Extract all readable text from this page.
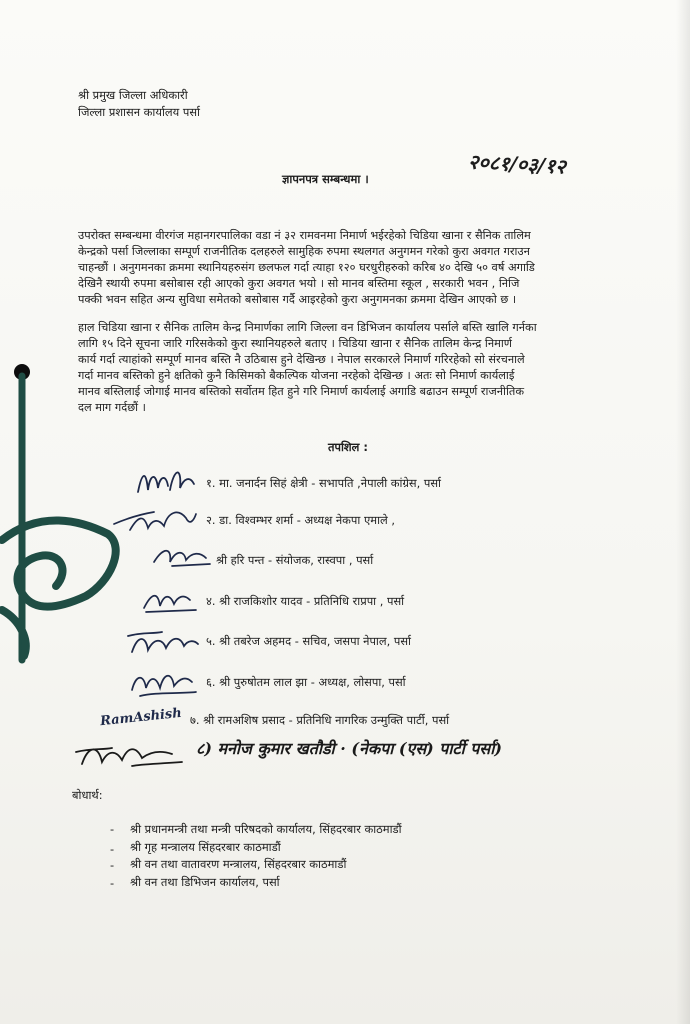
श्री प्रमुख जिल्ला अधिकारी
जिल्ला प्रशासन कार्यालय पर्सा
२०८१/०३/१२
ज्ञापनपत्र सम्बन्धमा ।
उपरोक्त सम्बन्धमा वीरगंज महानगरपालिका वडा नं ३२ रामवनमा निमार्ण भईरहेको चिडिया खाना र सैनिक तालिम
केन्द्रको पर्सा जिल्लाका सम्पूर्ण राजनीतिक दलहरुले सामुहिक रुपमा स्थलगत अनुगमन गरेको कुरा अवगत गराउन
चाहन्छौं । अनुगमनका क्रममा स्थानियहरुसंग छलफल गर्दा त्याहा १२० घरधुरीहरुको करिब ४० देखि ५० वर्ष अगाडि
देखिनै स्थायी रुपमा बसोबास रही आएको कुरा अवगत भयो । सो मानव बस्तिमा स्कूल , सरकारी भवन , निजि
पक्की भवन सहित अन्य सुविधा समेतको बसोबास गर्दै आइरहेको कुरा अनुगमनका क्रममा देखिन आएको छ ।
हाल चिडिया खाना र सैनिक तालिम केन्द्र निमार्णका लागि जिल्ला वन डिभिजन कार्यालय पर्साले बस्ति खालि गर्नका
लागि १५ दिने सूचना जारि गरिसकेको कुरा स्थानियहरुले बताए । चिडिया खाना र सैनिक तालिम केन्द्र निमार्ण
कार्य गर्दा त्याहांको सम्पूर्ण मानव बस्ति नै उठिबास हुने देखिन्छ । नेपाल सरकारले निमार्ण गरिरहेको सो संरचनाले
गर्दा मानव बस्तिको हुने क्षतिको कुनै किसिमको बैकल्पिक योजना नरहेको देखिन्छ । अतः सो निमार्ण कार्यलाई
मानव बस्तिलाई जोगाई मानव बस्तिको सर्वोतम हित हुने गरि निमार्ण कार्यलाई अगाडि बढाउन सम्पूर्ण राजनीतिक
दल माग गर्दछौं ।
तपशिल :
१. मा. जनार्दन सिहं क्षेत्री - सभापति ,नेपाली कांग्रेस, पर्सा
२. डा. विश्वम्भर शर्मा - अध्यक्ष नेकपा एमाले ,
श्री हरि पन्त - संयोजक, रास्वपा , पर्सा
४. श्री राजकिशोर यादव - प्रतिनिधि राप्रपा , पर्सा
५. श्री तबरेज अहमद - सचिव, जसपा नेपाल, पर्सा
६. श्री पुरुषोतम लाल झा - अध्यक्ष, लोसपा, पर्सा
७. श्री रामअशिष प्रसाद - प्रतिनिधि नागरिक उन्मुक्ति पार्टी, पर्सा
८) मनोज कुमार खतौडी · (नेकपा (एस) पार्टी पर्सा)
RamAshish
बोधार्थ:
-
-
-
-
श्री प्रधानमन्त्री तथा मन्त्री परिषदको कार्यालय, सिंहदरबार काठमाडौं
श्री गृह मन्त्रालय सिंहदरबार काठमाडौं
श्री वन तथा वातावरण मन्त्रालय, सिंहदरबार काठमाडौं
श्री वन तथा डिभिजन कार्यालय, पर्सा
